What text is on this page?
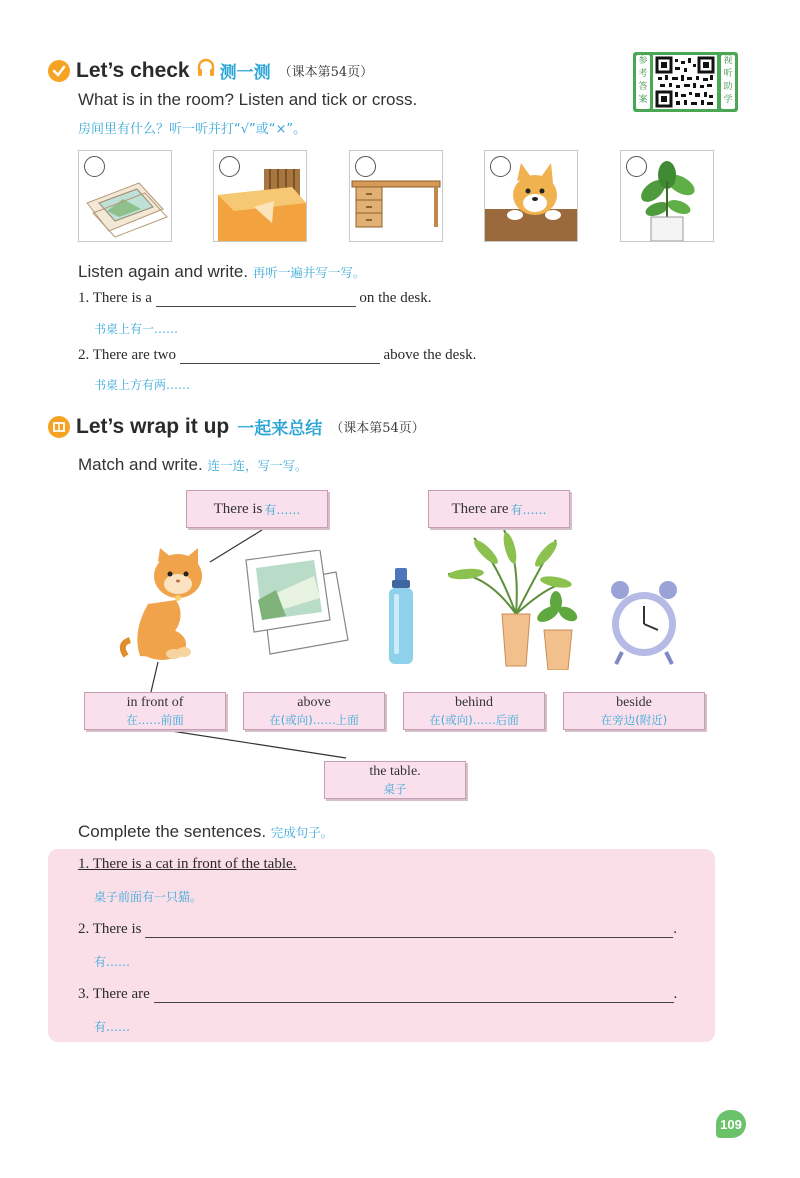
Let’s check 测一测 （课本第54页）
参考答案
视听助学
What is in the room? Listen and tick or cross.
房间里有什么？听一听并打“√”或“×”。
Listen again and write. 再听一遍并写一写。
1. There is a	on the desk.
书桌上有一……
2. There are two	above the desk.
书桌上方有两……
Let’s wrap it up 一起来总结 （课本第54页）
Match and write. 连一连，写一写。
There is 有……	There are 有……
in front of
在……前面
above
在(或向)……上面
behind
在(或向)……后面
beside
在旁边(附近)
the table.
桌子
Complete the sentences. 完成句子。
1. There is a cat in front of the table.
桌子前面有一只猫。
2. There is	.
有……
3. There are	.
有……
109
